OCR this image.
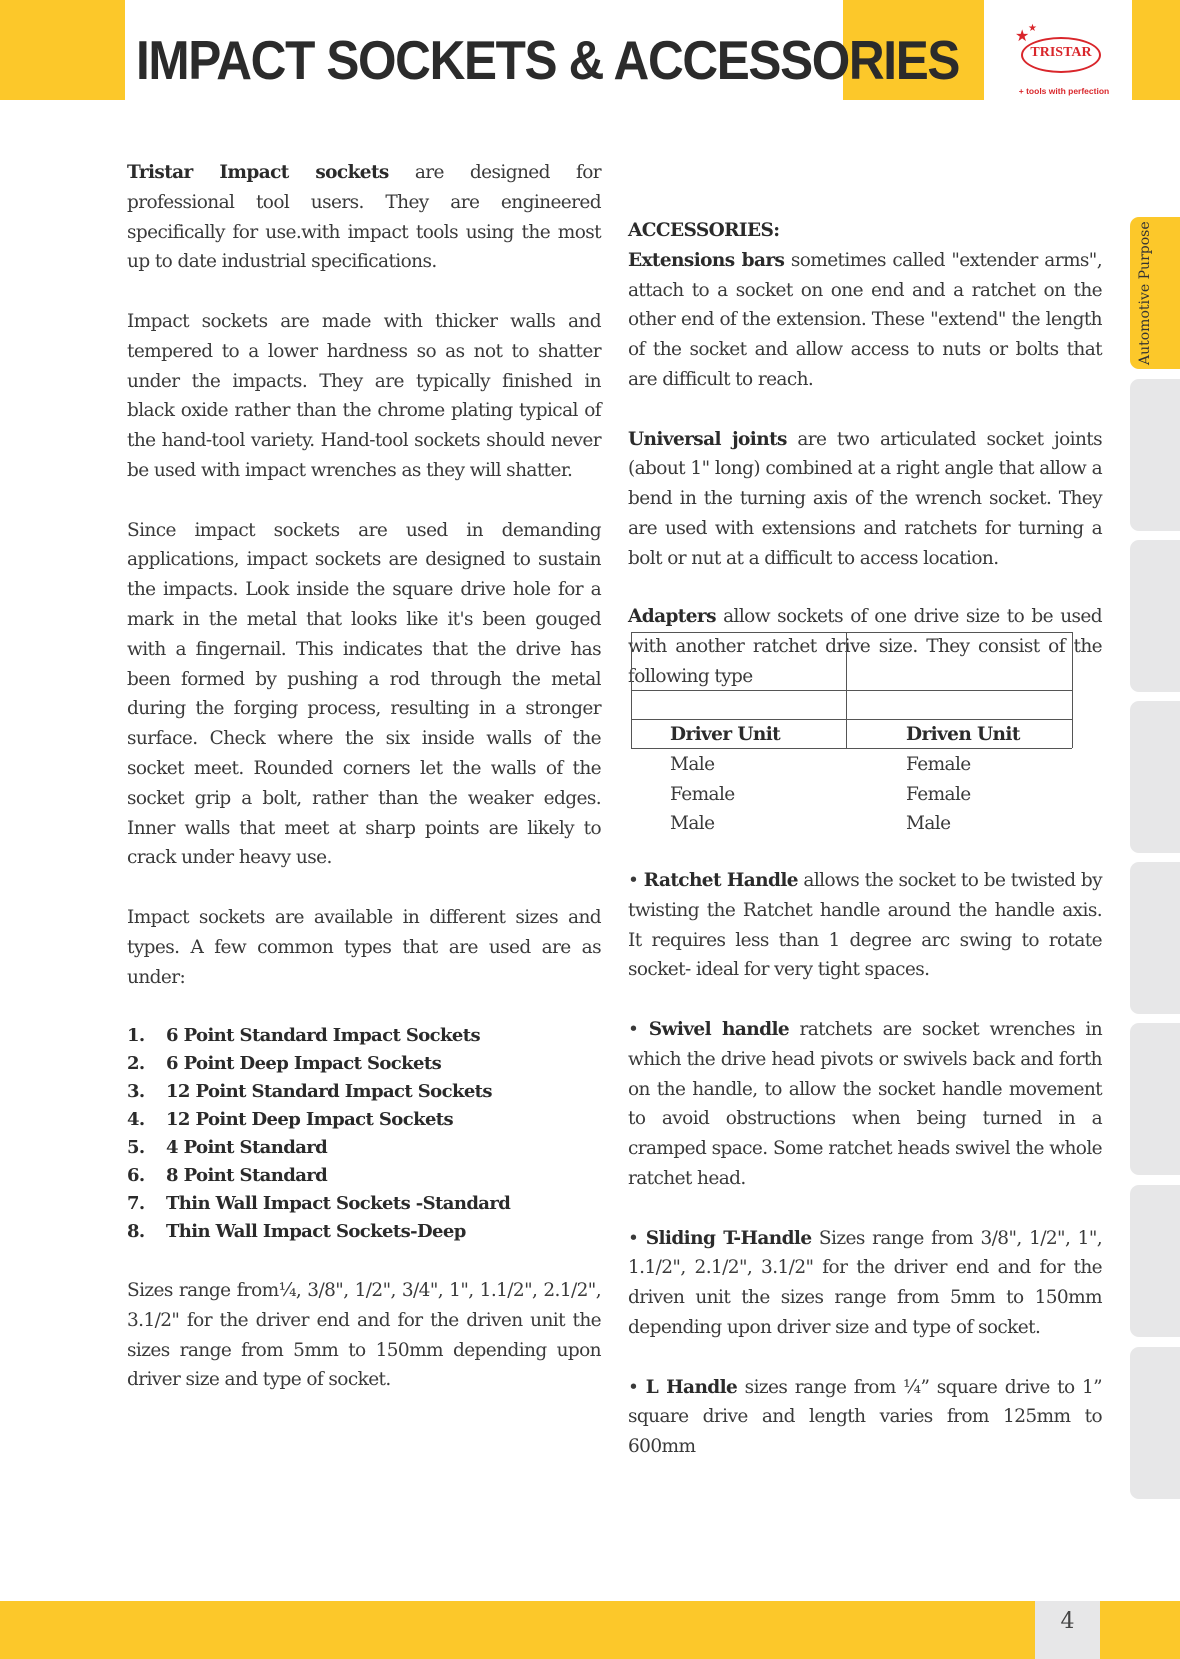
IMPACT SOCKETS & ACCESSORIES	★
★
TRISTAR
+ tools with perfection
Automotive Purpose

Tristar Impact sockets are designed for professional tool users. They are engineered specifically for use.with impact tools using the most up to date industrial specifications.

Impact sockets are made with thicker walls and tempered to a lower hardness so as not to shatter under the impacts. They are typically finished in black oxide rather than the chrome plating typical of the hand-tool variety. Hand-tool sockets should never be used with impact wrenches as they will shatter.

Since impact sockets are used in demanding applications, impact sockets are designed to sustain the impacts. Look inside the square drive hole for a mark in the metal that looks like it's been gouged with a fingernail. This indicates that the drive has been formed by pushing a rod through the metal during the forging process, resulting in a stronger surface. Check where the six inside walls of the socket meet. Rounded corners let the walls of the socket grip a bolt, rather than the weaker edges. Inner walls that meet at sharp points are likely to crack under heavy use.

Impact sockets are available in different sizes and types. A few common types that are used are as under:

1. 6 Point Standard Impact Sockets
2. 6 Point Deep Impact Sockets
3. 12 Point Standard Impact Sockets
4. 12 Point Deep Impact Sockets
5. 4 Point Standard
6. 8 Point Standard
7. Thin Wall Impact Sockets -Standard
8. Thin Wall Impact Sockets-Deep

Sizes range from¼, 3/8", 1/2", 3/4", 1", 1.1/2", 2.1/2", 3.1/2" for the driver end and for the driven unit the sizes range from 5mm to 150mm depending upon driver size and type of socket.

ACCESSORIES:

Extensions bars sometimes called "extender arms", attach to a socket on one end and a ratchet on the other end of the extension. These "extend" the length of the socket and allow access to nuts or bolts that are difficult to reach.

Universal joints are two articulated socket joints (about 1" long) combined at a right angle that allow a bend in the turning axis of the wrench socket. They are used with extensions and ratchets for turning a bolt or nut at a difficult to access location.

Adapters allow sockets of one drive size to be used with another ratchet drive size. They consist of the following type

Driver Unit	Driven Unit
Male	Female
Female	Female
Male	Male

• Ratchet Handle allows the socket to be twisted by twisting the Ratchet handle around the handle axis. It requires less than 1 degree arc swing to rotate socket- ideal for very tight spaces.

• Swivel handle ratchets are socket wrenches in which the drive head pivots or swivels back and forth on the handle, to allow the socket handle movement to avoid obstructions when being turned in a cramped space. Some ratchet heads swivel the whole ratchet head.

• Sliding T-Handle Sizes range from 3/8", 1/2", 1", 1.1/2", 2.1/2", 3.1/2" for the driver end and for the driven unit the sizes range from 5mm to 150mm depending upon driver size and type of socket.

• L Handle sizes range from ¼” square drive to 1” square drive and length varies from 125mm to 600mm

4
